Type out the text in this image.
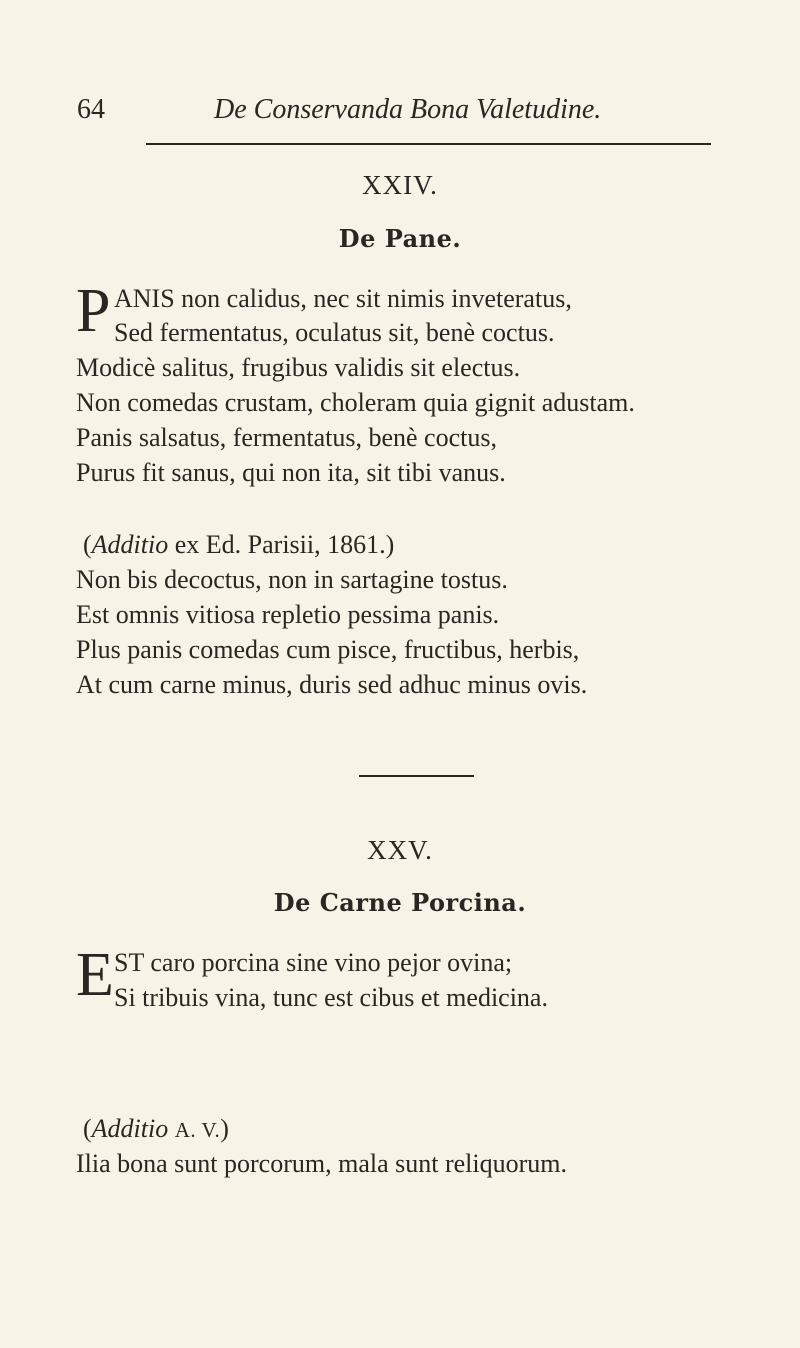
64	De Conservanda Bona Valetudine.
XXIV.
De Pane.
P ANIS non calidus, nec sit nimis inveteratus,
Sed fermentatus, oculatus sit, benè coctus.
Modicè salitus, frugibus validis sit electus.
Non comedas crustam, choleram quia gignit adustam.
Panis salsatus, fermentatus, benè coctus,
Purus fit sanus, qui non ita, sit tibi vanus.
(Additio ex Ed. Parisii, 1861.)
Non bis decoctus, non in sartagine tostus.
Est omnis vitiosa repletio pessima panis.
Plus panis comedas cum pisce, fructibus, herbis,
At cum carne minus, duris sed adhuc minus ovis.
XXV.
De Carne Porcina.
E ST caro porcina sine vino pejor ovina;
Si tribuis vina, tunc est cibus et medicina.
(Additio A. V.)
Ilia bona sunt porcorum, mala sunt reliquorum.
